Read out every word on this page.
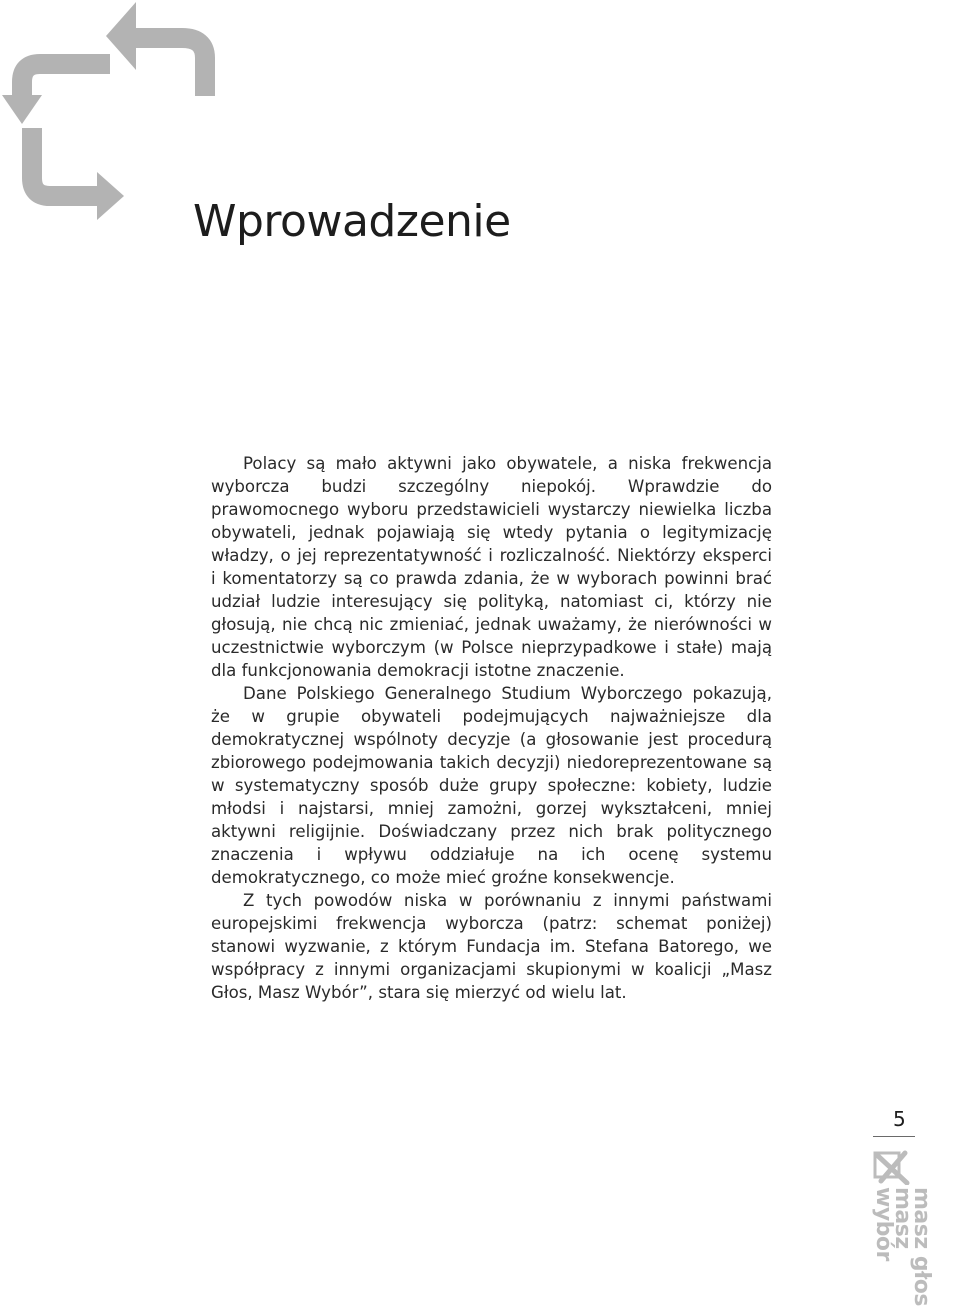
Wprowadzenie

Polacy są mało aktywni jako obywatele, a niska frekwencja wyborcza budzi szczególny niepokój. Wprawdzie do prawomocnego wyboru przedstawicieli wystarczy niewielka liczba obywateli, jednak pojawiają się wtedy pytania o legitymizację władzy, o jej reprezentatywność i rozliczalność. Niektórzy eksperci i komentatorzy są co prawda zdania, że w wyborach powinni brać udział ludzie interesujący się polityką, natomiast ci, którzy nie głosują, nie chcą nic zmieniać, jednak uważamy, że nierówności w uczestnictwie wyborczym (w Polsce nieprzypadkowe i stałe) mają dla funkcjonowania demokracji istotne znaczenie.

Dane Polskiego Generalnego Studium Wyborczego pokazują, że w grupie obywateli podejmujących najważniejsze dla demokratycznej wspólnoty decyzje (a głosowanie jest procedurą zbiorowego podejmowania takich decyzji) niedoreprezentowane są w systematyczny sposób duże grupy społeczne: kobiety, ludzie młodsi i najstarsi, mniej zamożni, gorzej wykształceni, mniej aktywni religijnie. Doświadczany przez nich brak politycznego znaczenia i wpływu oddziałuje na ich ocenę systemu demokratycznego, co może mieć groźne konsekwencje.

Z tych powodów niska w porównaniu z innymi państwami europejskimi frekwencja wyborcza (patrz: schemat poniżej) stanowi wyzwanie, z którym Fundacja im. Stefana Batorego, we współpracy z innymi organizacjami skupionymi w koalicji „Masz Głos, Masz Wybór”, stara się mierzyć od wielu lat.

5
masz głos
masz wybór
